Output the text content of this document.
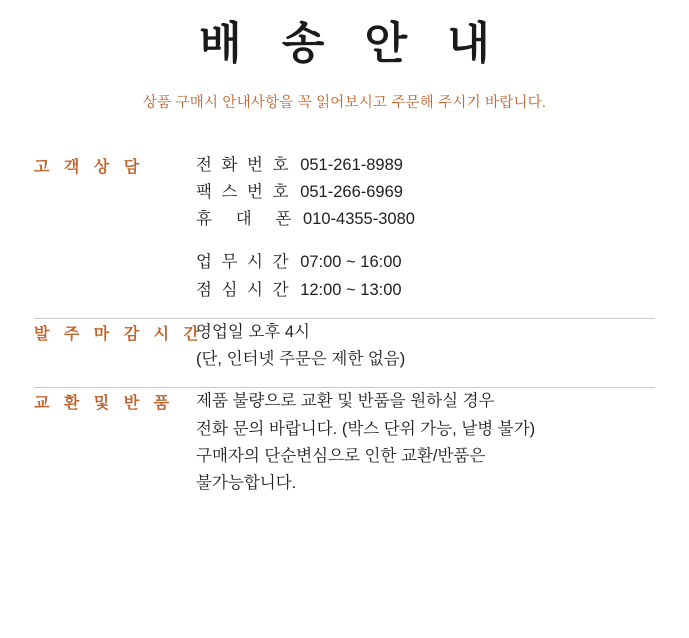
배 송 안 내
상품 구매시 안내사항을 꼭 읽어보시고 주문해 주시기 바랍니다.
고 객 상 담	전 화 번 호 051-261-8989
팩 스 번 호 051-266-6969
휴   대   폰 010-4355-3080
업 무 시 간 07:00 ~ 16:00
점 심 시 간 12:00 ~ 13:00
발 주 마 감 시 간
영업일 오후 4시
(단, 인터넷 주문은 제한 없음)
교 환 및 반 품	제품 불량으로 교환 및 반품을 원하실 경우
전화 문의 바랍니다. (박스 단위 가능, 낱병 불가)
구매자의 단순변심으로 인한 교환/반품은
불가능합니다.
